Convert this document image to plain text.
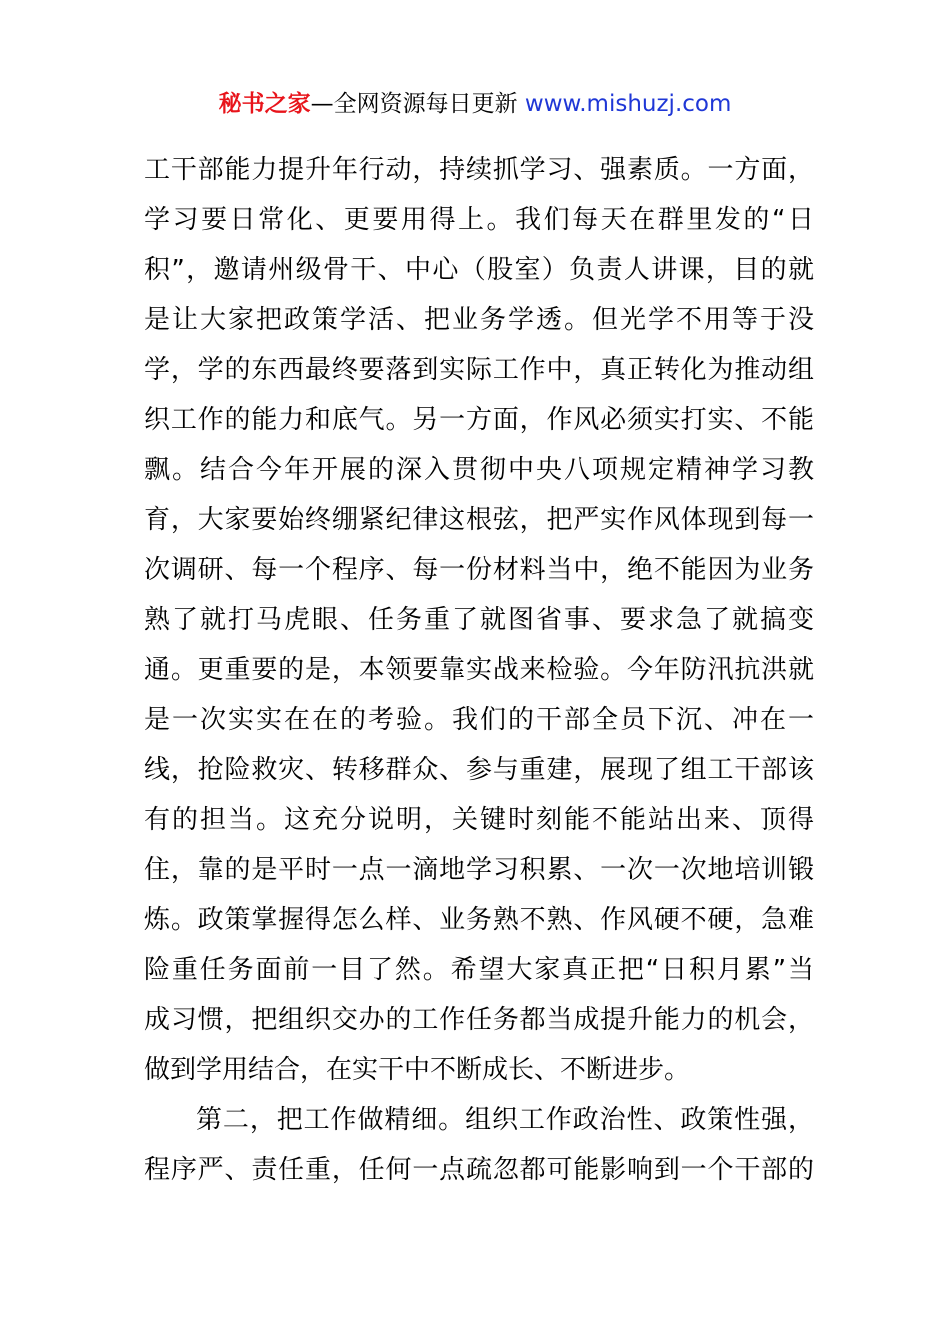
秘书之家—全网资源每日更新 www.mishuzj.com
工干部能力提升年行动，持续抓学习、强素质。一方面，
学习要日常化、更要用得上。我们每天在群里发的“日
积”，邀请州级骨干、中心（股室）负责人讲课，目的就
是让大家把政策学活、把业务学透。但光学不用等于没
学，学的东西最终要落到实际工作中，真正转化为推动组
织工作的能力和底气。另一方面，作风必须实打实、不能
飘。结合今年开展的深入贯彻中央八项规定精神学习教
育，大家要始终绷紧纪律这根弦，把严实作风体现到每一
次调研、每一个程序、每一份材料当中，绝不能因为业务
熟了就打马虎眼、任务重了就图省事、要求急了就搞变
通。更重要的是，本领要靠实战来检验。今年防汛抗洪就
是一次实实在在的考验。我们的干部全员下沉、冲在一
线，抢险救灾、转移群众、参与重建，展现了组工干部该
有的担当。这充分说明，关键时刻能不能站出来、顶得
住，靠的是平时一点一滴地学习积累、一次一次地培训锻
炼。政策掌握得怎么样、业务熟不熟、作风硬不硬，急难
险重任务面前一目了然。希望大家真正把“日积月累”当
成习惯，把组织交办的工作任务都当成提升能力的机会，
做到学用结合，在实干中不断成长、不断进步。
第二，把工作做精细。组织工作政治性、政策性强，
程序严、责任重，任何一点疏忽都可能影响到一个干部的
